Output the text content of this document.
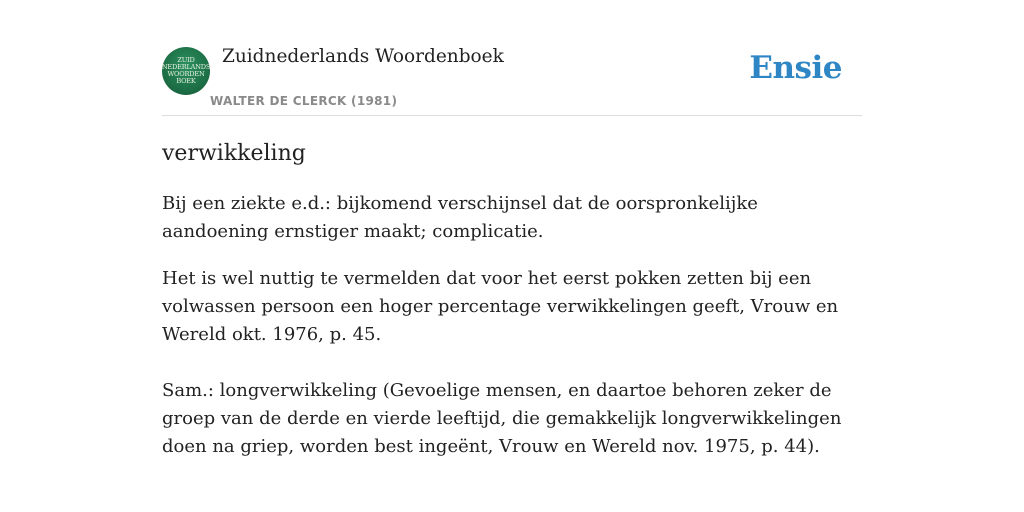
ZUID
NEDERLANDS
WOORDEN
BOEK
Zuidnederlands Woordenboek
WALTER DE CLERCK (1981)
Ensie
verwikkeling

Bij een ziekte e.d.: bijkomend verschijnsel dat de oorspronkelijke aandoening ernstiger maakt; complicatie.

Het is wel nuttig te vermelden dat voor het eerst pokken zetten bij een volwassen persoon een hoger percentage verwikkelingen geeft, Vrouw en Wereld okt. 1976, p. 45.

Sam.: longverwikkeling (Gevoelige mensen, en daartoe behoren zeker de groep van de derde en vierde leeftijd, die gemakkelijk longverwikkelingen doen na griep, worden best ingeënt, Vrouw en Wereld nov. 1975, p. 44).
